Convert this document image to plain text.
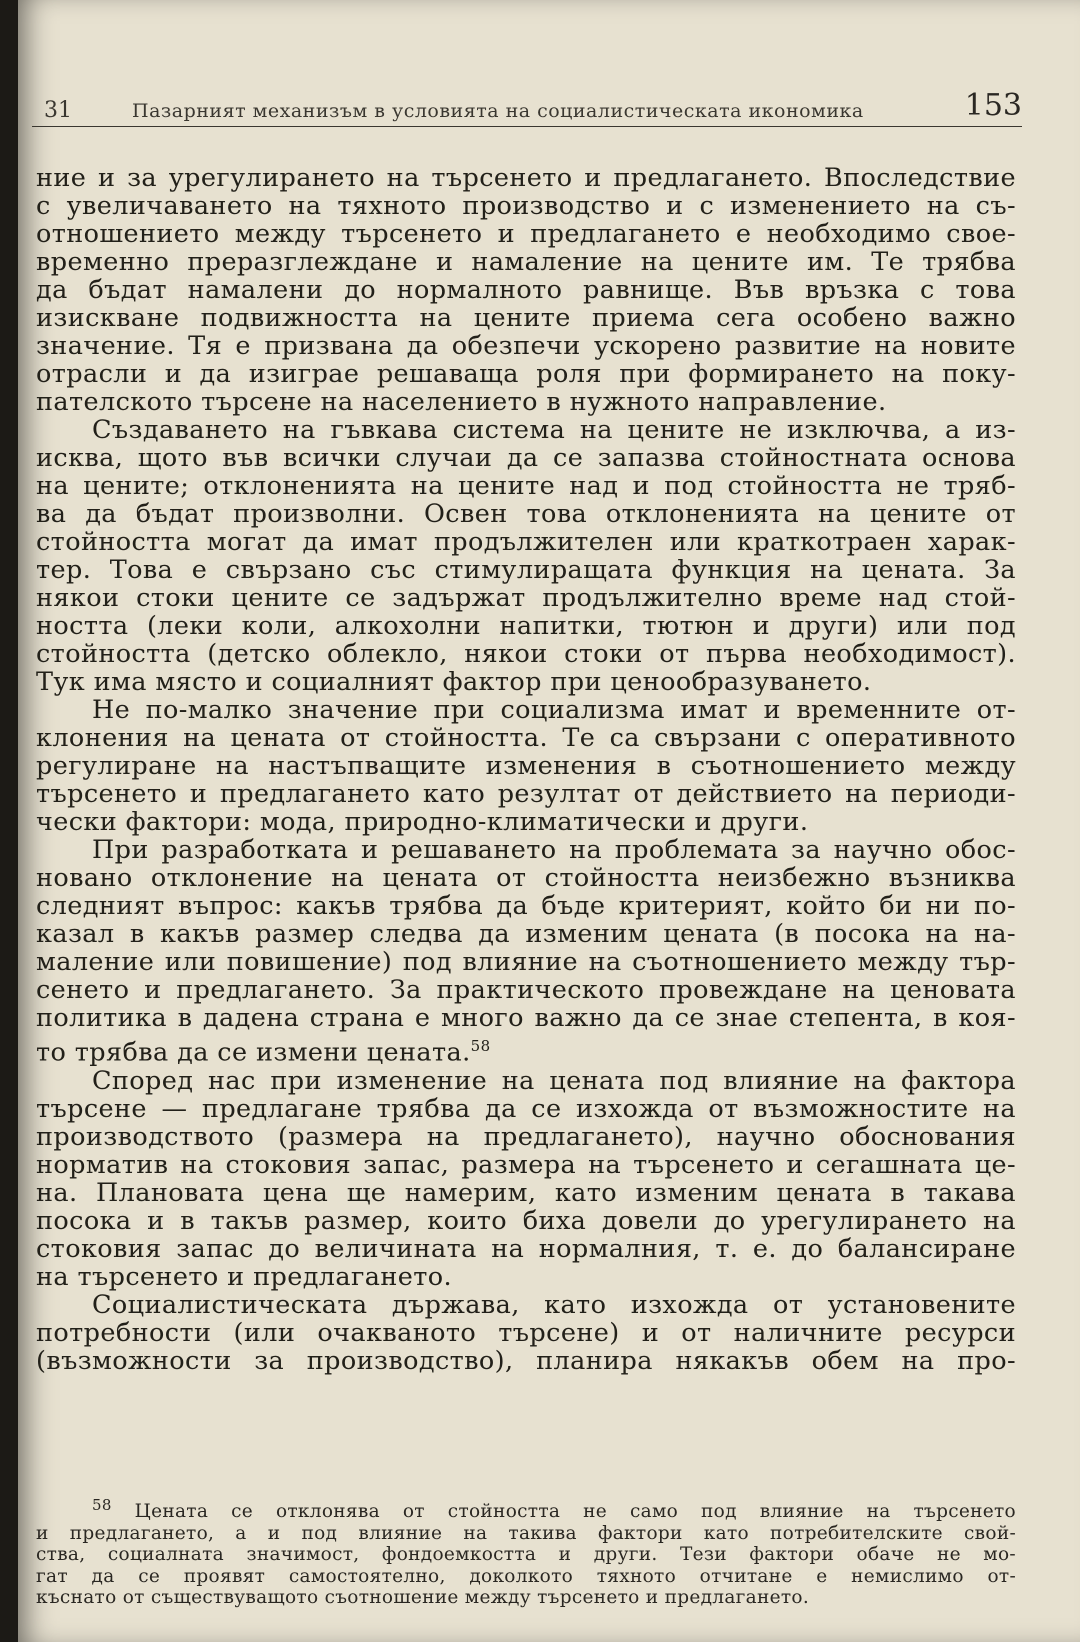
31	Пазарният механизъм в условията на социалистическата икономика	153
ние и за урегулирането на търсенето и предлагането. Впоследствие
с увеличаването на тяхното производство и с изменението на съ-
отношението между търсенето и предлагането е необходимо свое-
временно преразглеждане и намаление на цените им. Те трябва
да бъдат намалени до нормалното равнище. Във връзка с това
изискване подвижността на цените приема сега особено важно
значение. Тя е призвана да обезпечи ускорено развитие на новите
отрасли и да изиграе решаваща роля при формирането на поку-
пателското търсене на населението в нужното направление.
Създаването на гъвкава система на цените не изключва, а из-
исква, щото във всички случаи да се запазва стойностната основа
на цените; отклоненията на цените над и под стойността не тряб-
ва да бъдат произволни. Освен това отклоненията на цените от
стойността могат да имат продължителен или краткотраен харак-
тер. Това е свързано със стимулиращата функция на цената. За
някои стоки цените се задържат продължително време над стой-
ността (леки коли, алкохолни напитки, тютюн и други) или под
стойността (детско облекло, някои стоки от първа необходимост).
Тук има място и социалният фактор при ценообразуването.
Не по-малко значение при социализма имат и временните от-
клонения на цената от стойността. Те са свързани с оперативното
регулиране на настъпващите изменения в съотношението между
търсенето и предлагането като резултат от действието на периоди-
чески фактори: мода, природно-климатически и други.
При разработката и решаването на проблемата за научно обос-
новано отклонение на цената от стойността неизбежно възниква
следният въпрос: какъв трябва да бъде критерият, който би ни по-
казал в какъв размер следва да изменим цената (в посока на на-
маление или повишение) под влияние на съотношението между тър-
сенето и предлагането. За практическото провеждане на ценовата
политика в дадена страна е много важно да се знае степента, в коя-
то трябва да се измени цената.$^{58}$
Според нас при изменение на цената под влияние на фактора
търсене — предлагане трябва да се изхожда от възможностите на
производството (размера на предлагането), научно обоснования
норматив на стоковия запас, размера на търсенето и сегашната це-
на. Плановата цена ще намерим, като изменим цената в такава
посока и в такъв размер, които биха довели до урегулирането на
стоковия запас до величината на нормалния, т. е. до балансиране
на търсенето и предлагането.
Социалистическата държава, като изхожда от установените
потребности (или очакваното търсене) и от наличните ресурси
(възможности за производство), планира някакъв обем на про-
$^{58}$ Цената се отклонява от стойността не само под влияние на търсенето
и предлагането, а и под влияние на такива фактори като потребителските свой-
ства, социалната значимост, фондоемкостта и други. Тези фактори обаче не мо-
гат да се проявят самостоятелно, доколкото тяхното отчитане е немислимо от-
къснато от съществуващото съотношение между търсенето и предлагането.
